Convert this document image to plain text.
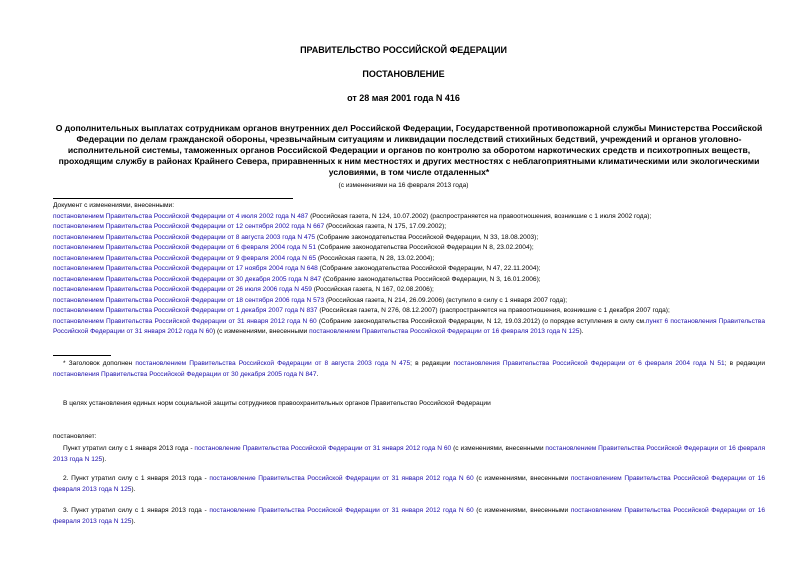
ПРАВИТЕЛЬСТВО РОССИЙСКОЙ ФЕДЕРАЦИИ
ПОСТАНОВЛЕНИЕ
от 28 мая 2001 года N 416
О дополнительных выплатах сотрудникам органов внутренних дел Российской Федерации, Государственной противопожарной службы Министерства Российской Федерации по делам гражданской обороны, чрезвычайным ситуациям и ликвидации последствий стихийных бедствий, учреждений и органов уголовно-исполнительной системы, таможенных органов Российской Федерации и органов по контролю за оборотом наркотических средств и психотропных веществ, проходящим службу в районах Крайнего Севера, приравненных к ним местностях и других местностях с неблагоприятными климатическими или экологическими условиями, в том числе отдаленных*
(с изменениями на 16 февраля 2013 года)
Документ с изменениями, внесенными:
постановлением Правительства Российской Федерации от 4 июля 2002 года N 487 (Российская газета, N 124, 10.07.2002) (распространяется на правоотношения, возникшие с 1 июля 2002 года);
постановлением Правительства Российской Федерации от 12 сентября 2002 года N 667 (Российская газета, N 175, 17.09.2002);
постановлением Правительства Российской Федерации от 8 августа 2003 года N 475 (Собрание законодательства Российской Федерации, N 33, 18.08.2003);
постановлением Правительства Российской Федерации от 6 февраля 2004 года N 51 (Собрание законодательства Российской Федерации N 8, 23.02.2004);
постановлением Правительства Российской Федерации от 9 февраля 2004 года N 65 (Российская газета, N 28, 13.02.2004);
постановлением Правительства Российской Федерации от 17 ноября 2004 года N 648 (Собрание законодательства Российской Федерации, N 47, 22.11.2004);
постановлением Правительства Российской Федерации от 30 декабря 2005 года N 847 (Собрание законодательства Российской Федерации, N 3, 16.01.2006);
постановлением Правительства Российской Федерации от 26 июля 2006 года N 459 (Российская газета, N 167, 02.08.2006);
постановлением Правительства Российской Федерации от 18 сентября 2006 года N 573 (Российская газета, N 214, 26.09.2006) (вступило в силу с 1 января 2007 года);
постановлением Правительства Российской Федерации от 1 декабря 2007 года N 837 (Российская газета, N 276, 08.12.2007) (распространяется на правоотношения, возникшие с 1 декабря 2007 года);
постановлением Правительства Российской Федерации от 31 января 2012 года N 60 (Собрание законодательства Российской Федерации, N 12, 19.03.2012) (о порядке вступления в силу см.пункт 6 постановления Правительства Российской Федерации от 31 января 2012 года N 60) (с изменениями, внесенными постановлением Правительства Российской Федерации от 16 февраля 2013 года N 125).
* Заголовок дополнен постановлением Правительства Российской Федерации от 8 августа 2003 года N 475; в редакции постановления Правительства Российской Федерации от 6 февраля 2004 года N 51; в редакции постановления Правительства Российской Федерации от 30 декабря 2005 года N 847.
В целях установления единых норм социальной защиты сотрудников правоохранительных органов Правительство Российской Федерации
постановляет:
Пункт утратил силу с 1 января 2013 года - постановление Правительства Российской Федерации от 31 января 2012 года N 60 (с изменениями, внесенными постановлением Правительства Российской Федерации от 16 февраля 2013 года N 125).
2. Пункт утратил силу с 1 января 2013 года - постановление Правительства Российской Федерации от 31 января 2012 года N 60 (с изменениями, внесенными постановлением Правительства Российской Федерации от 16 февраля 2013 года N 125).
3. Пункт утратил силу с 1 января 2013 года - постановление Правительства Российской Федерации от 31 января 2012 года N 60 (с изменениями, внесенными постановлением Правительства Российской Федерации от 16 февраля 2013 года N 125).
